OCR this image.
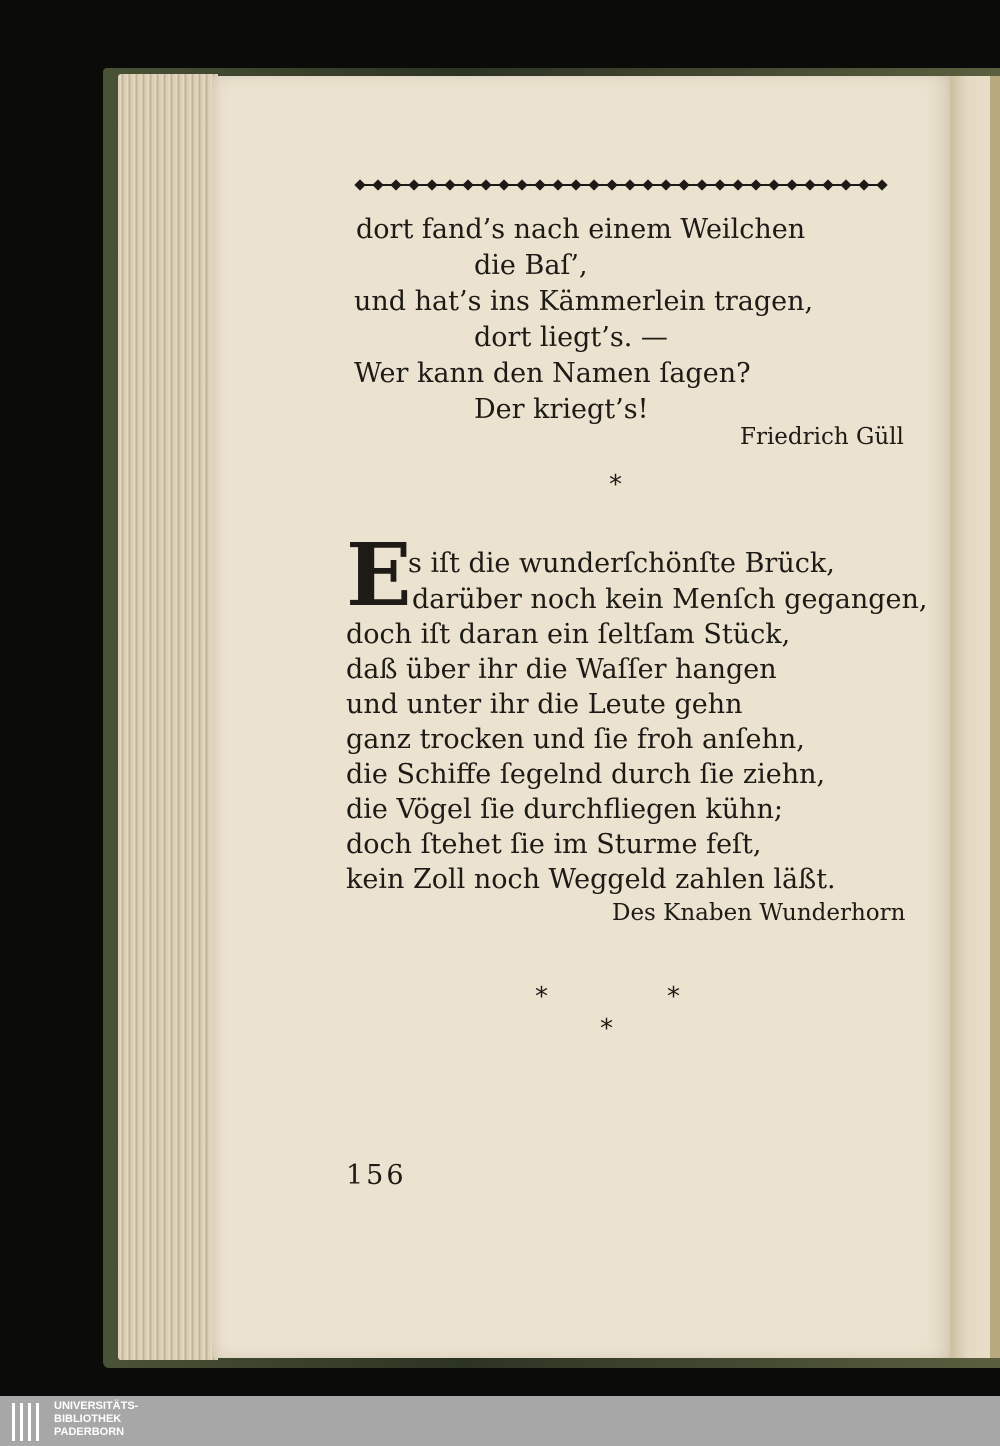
dort fand’s nach einem Weilchen
die Baſ’,
und hat’s ins Kämmerlein tragen,
dort liegt’s. —
Wer kann den Namen ſagen?
Der kriegt’s!
Friedrich Güll
*
E
s iſt die wunderſchönſte Brück,
darüber noch kein Menſch gegangen,
doch iſt daran ein ſeltſam Stück,
daß über ihr die Waſſer hangen
und unter ihr die Leute gehn
ganz trocken und ſie froh anſehn,
die Schiffe ſegelnd durch ſie ziehn,
die Vögel ſie durchfliegen kühn;
doch ſtehet ſie im Sturme feſt,
kein Zoll noch Weggeld zahlen läßt.
Des Knaben Wunderhorn
*	*
*
156
UNIVERSITÄTS-
BIBLIOTHEK
PADERBORN
